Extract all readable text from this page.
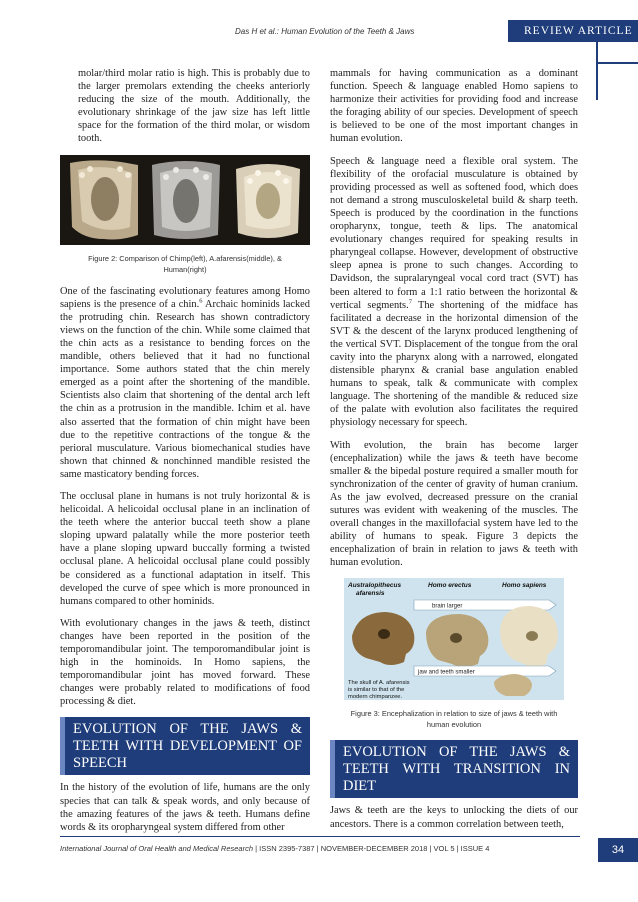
Das H et al.: Human Evolution of the Teeth & Jaws	REVIEW ARTICLE

molar/third molar ratio is high. This is probably due to the larger premolars extending the cheeks anteriorly reducing the size of the mouth. Additionally, the evolutionary shrinkage of the jaw size has left little space for the formation of the third molar, or wisdom tooth.

Figure 2: Comparison of Chimp(left), A.afarensis(middle), &
Human(right)

One of the fascinating evolutionary features among Homo sapiens is the presence of a chin.$^6$ Archaic hominids lacked the protruding chin. Research has shown contradictory views on the function of the chin. While some claimed that the chin acts as a resistance to bending forces on the mandible, others believed that it had no functional importance. Some authors stated that the chin merely emerged as a point after the shortening of the mandible. Scientists also claim that shortening of the dental arch left the chin as a protrusion in the mandible. Ichim et al. have also asserted that the formation of chin might have been due to the repetitive contractions of the tongue & the perioral musculature. Various biomechanical studies have shown that chinned & nonchinned mandible resisted the same masticatory bending forces.

The occlusal plane in humans is not truly horizontal & is helicoidal. A helicoidal occlusal plane in an inclination of the teeth where the anterior buccal teeth show a plane sloping upward palatally while the more posterior teeth have a plane sloping upward buccally forming a twisted occlusal plane. A helicoidal occlusal plane could possibly be considered as a functional adaptation in itself. This developed the curve of spee which is more pronounced in humans compared to other hominids.

With evolutionary changes in the jaws & teeth, distinct changes have been reported in the position of the temporomandibular joint. The temporomandibular joint is high in the hominoids. In Homo sapiens, the temporomandibular joint has moved forward. These changes were probably related to modifications of food processing & diet.

EVOLUTION OF THE JAWS & TEETH WITH DEVELOPMENT OF SPEECH

In the history of the evolution of life, humans are the only species that can talk & speak words, and only because of the amazing features of the jaws & teeth. Humans define words & its oropharyngeal system differed from other

mammals for having communication as a dominant function. Speech & language enabled Homo sapiens to harmonize their activities for providing food and increase the foraging ability of our species. Development of speech is believed to be one of the most important changes in human evolution.

Speech & language need a flexible oral system. The flexibility of the orofacial musculature is obtained by providing processed as well as softened food, which does not demand a strong musculoskeletal build & sharp teeth. Speech is produced by the coordination in the functions oropharynx, tongue, teeth & lips. The anatomical evolutionary changes required for speaking results in pharyngeal collapse. However, development of obstructive sleep apnea is prone to such changes. According to Davidson, the supralaryngeal vocal cord tract (SVT) has been altered to form a 1:1 ratio between the horizontal & vertical segments.$^7$ The shortening of the midface has facilitated a decrease in the horizontal dimension of the SVT & the descent of the larynx produced lengthening of the vertical SVT. Displacement of the tongue from the oral cavity into the pharynx along with a narrowed, elongated distensible pharynx & cranial base angulation enabled humans to speak, talk & communicate with complex language. The shortening of the mandible & reduced size of the palate with evolution also facilitates the required physiology necessary for speech.

With evolution, the brain has become larger (encephalization) while the jaws & teeth have become smaller & the bipedal posture required a smaller mouth for synchronization of the center of gravity of human cranium. As the jaw evolved, decreased pressure on the cranial sutures was evident with weakening of the muscles. The overall changes in the maxillofacial system have led to the ability of humans to speak. Figure 3 depicts the encephalization of brain in relation to jaws & teeth with human evolution.

Australopithecus
afarensis
Homo erectus	Homo sapiens
brain larger
jaw and teeth smaller
The skull of A. afarensis
is similar to that of the
modern chimpanzee.
Figure 3: Encephalization in relation to size of jaws & teeth with
human evolution
EVOLUTION OF THE JAWS & TEETH WITH TRANSITION IN DIET

Jaws & teeth are the keys to unlocking the diets of our ancestors. There is a common correlation between teeth,

International Journal of Oral Health and Medical Research | ISSN 2395-7387 | NOVEMBER-DECEMBER 2018 | VOL 5 | ISSUE 4	34
